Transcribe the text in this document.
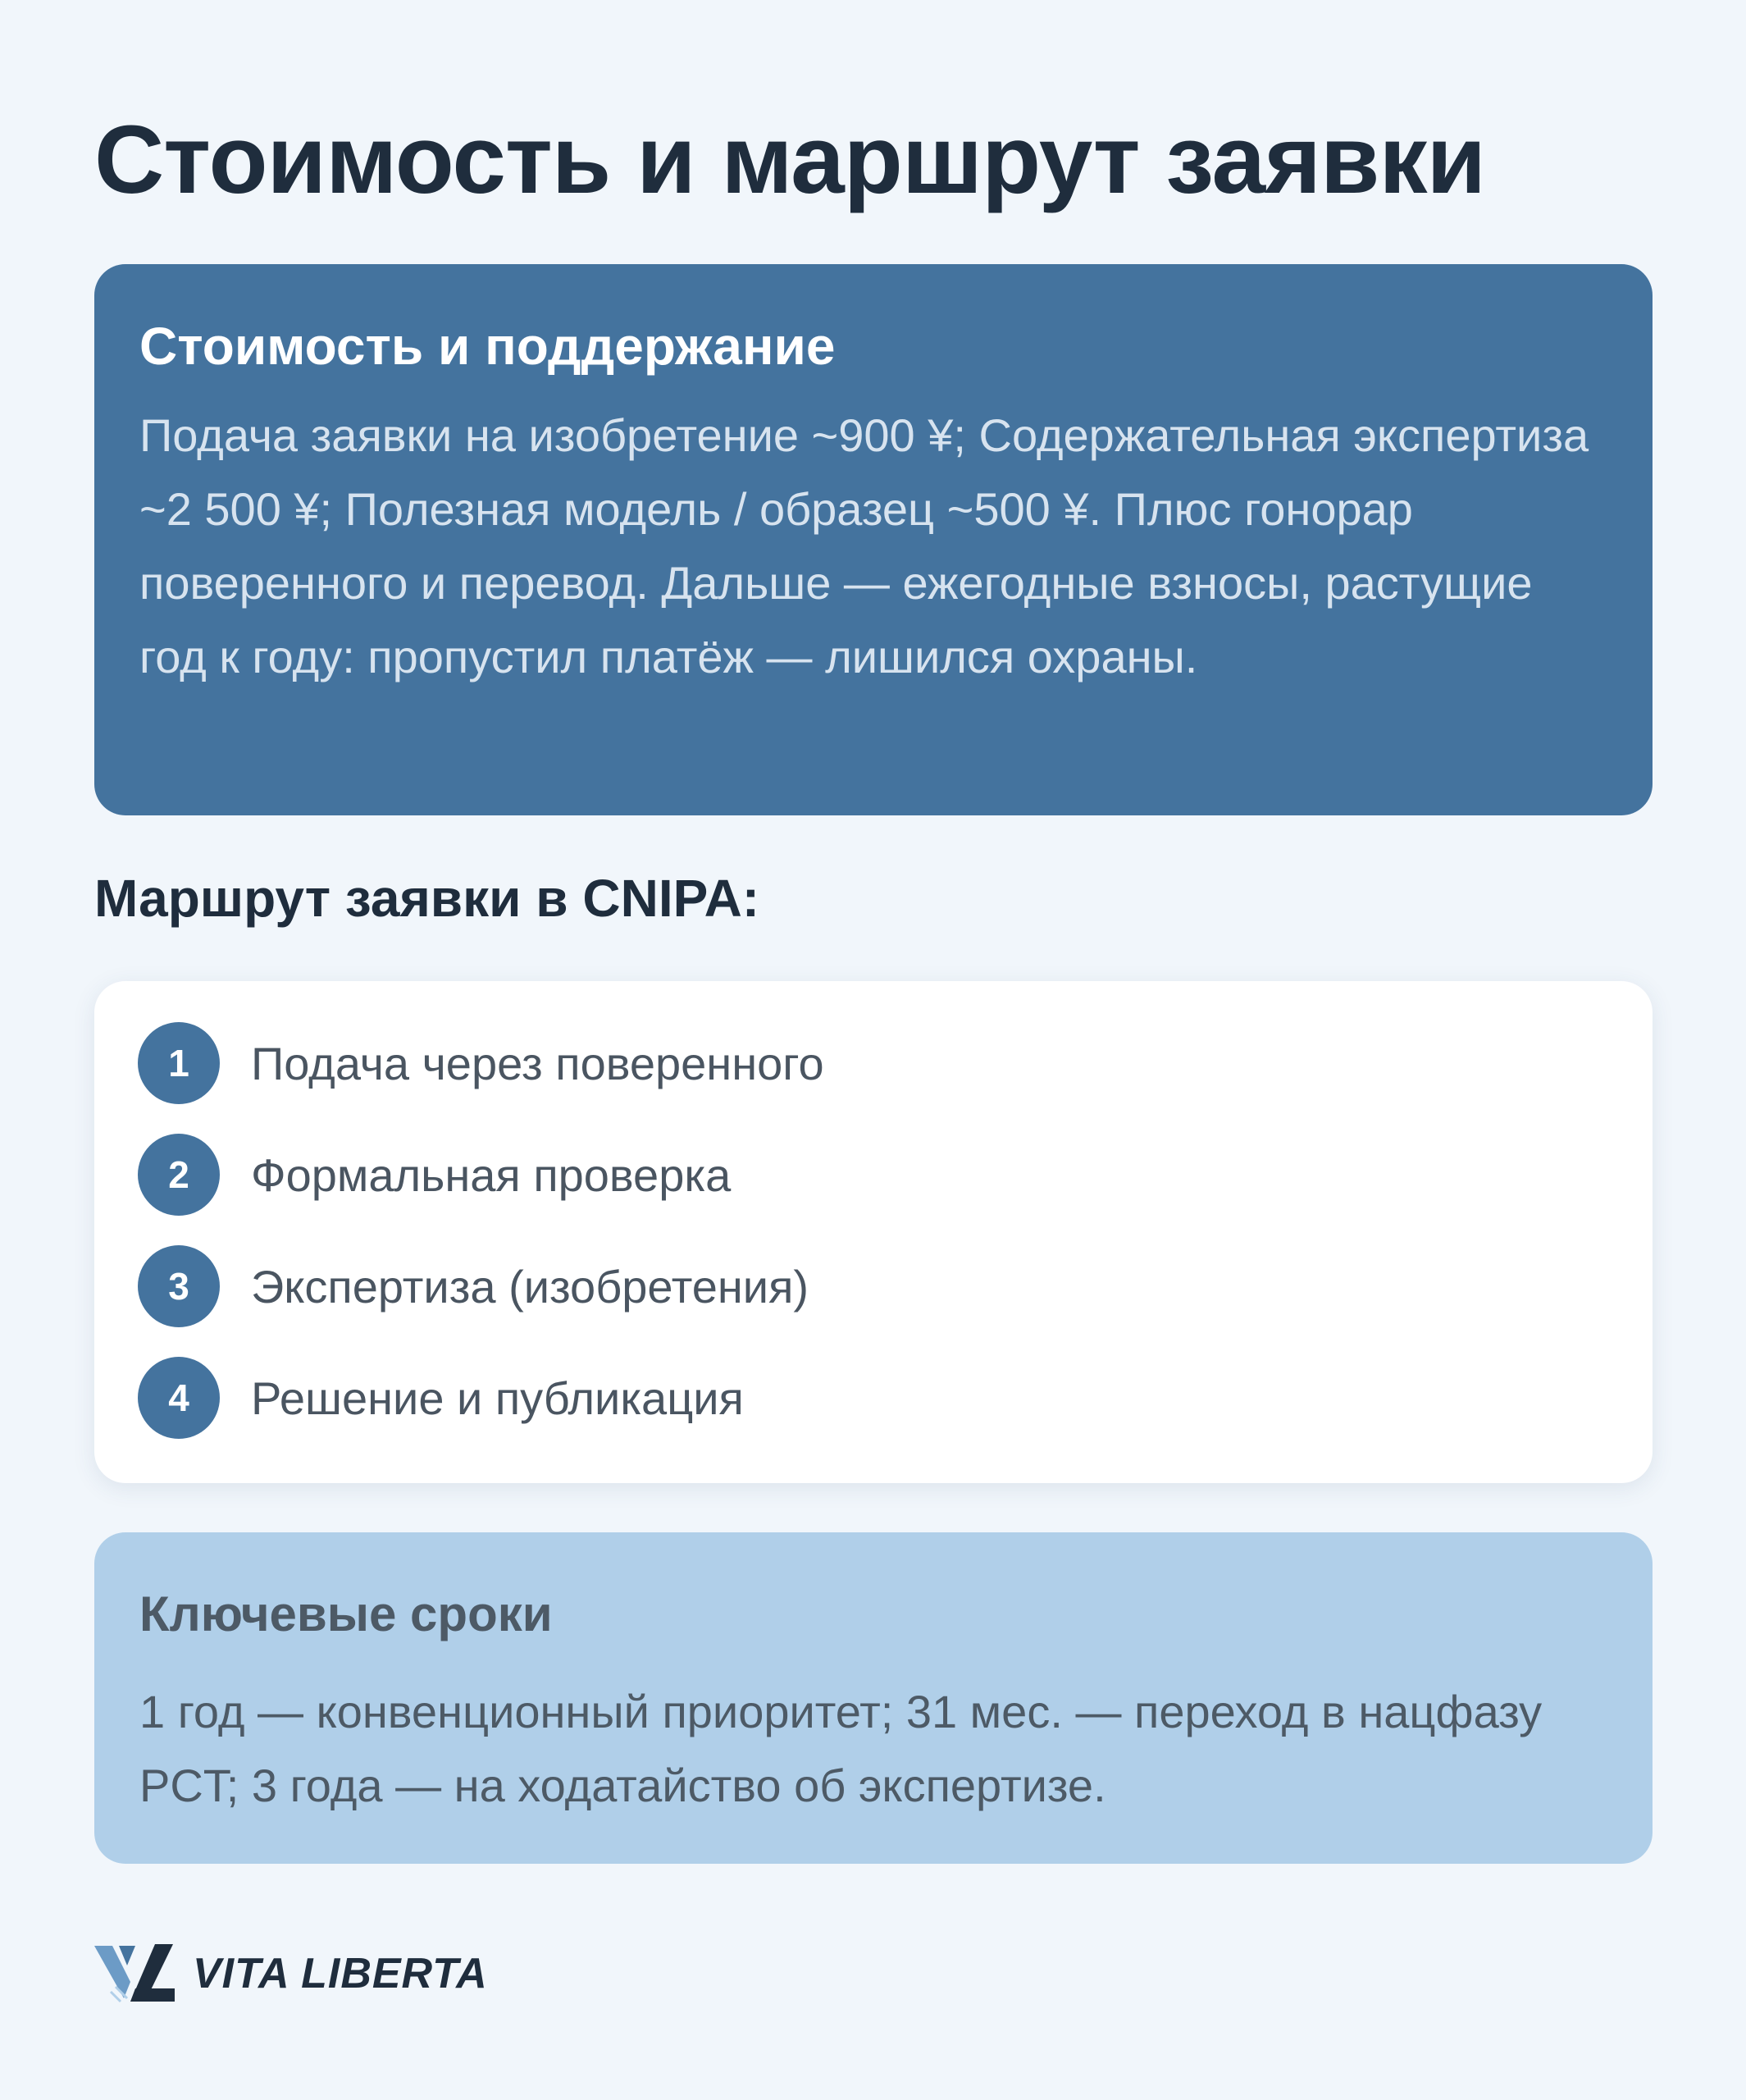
Стоимость и маршрут заявки
Стоимость и поддержание

Подача заявки на изобретение ~900 ¥; Содержательная экспертиза ~2 500 ¥; Полезная модель / образец ~500 ¥. Плюс гонорар поверенного и перевод. Дальше — ежегодные взносы, растущие год к году: пропустил платёж — лишился охраны.

Маршрут заявки в CNIPA:
1	Подача через поверенного
2	Формальная проверка
3	Экспертиза (изобретения)
4	Решение и публикация
Ключевые сроки

1 год — конвенционный приоритет; 31 мес. — переход в нацфазу PCT; 3 года — на ходатайство об экспертизе.

VITA LIBERTA
